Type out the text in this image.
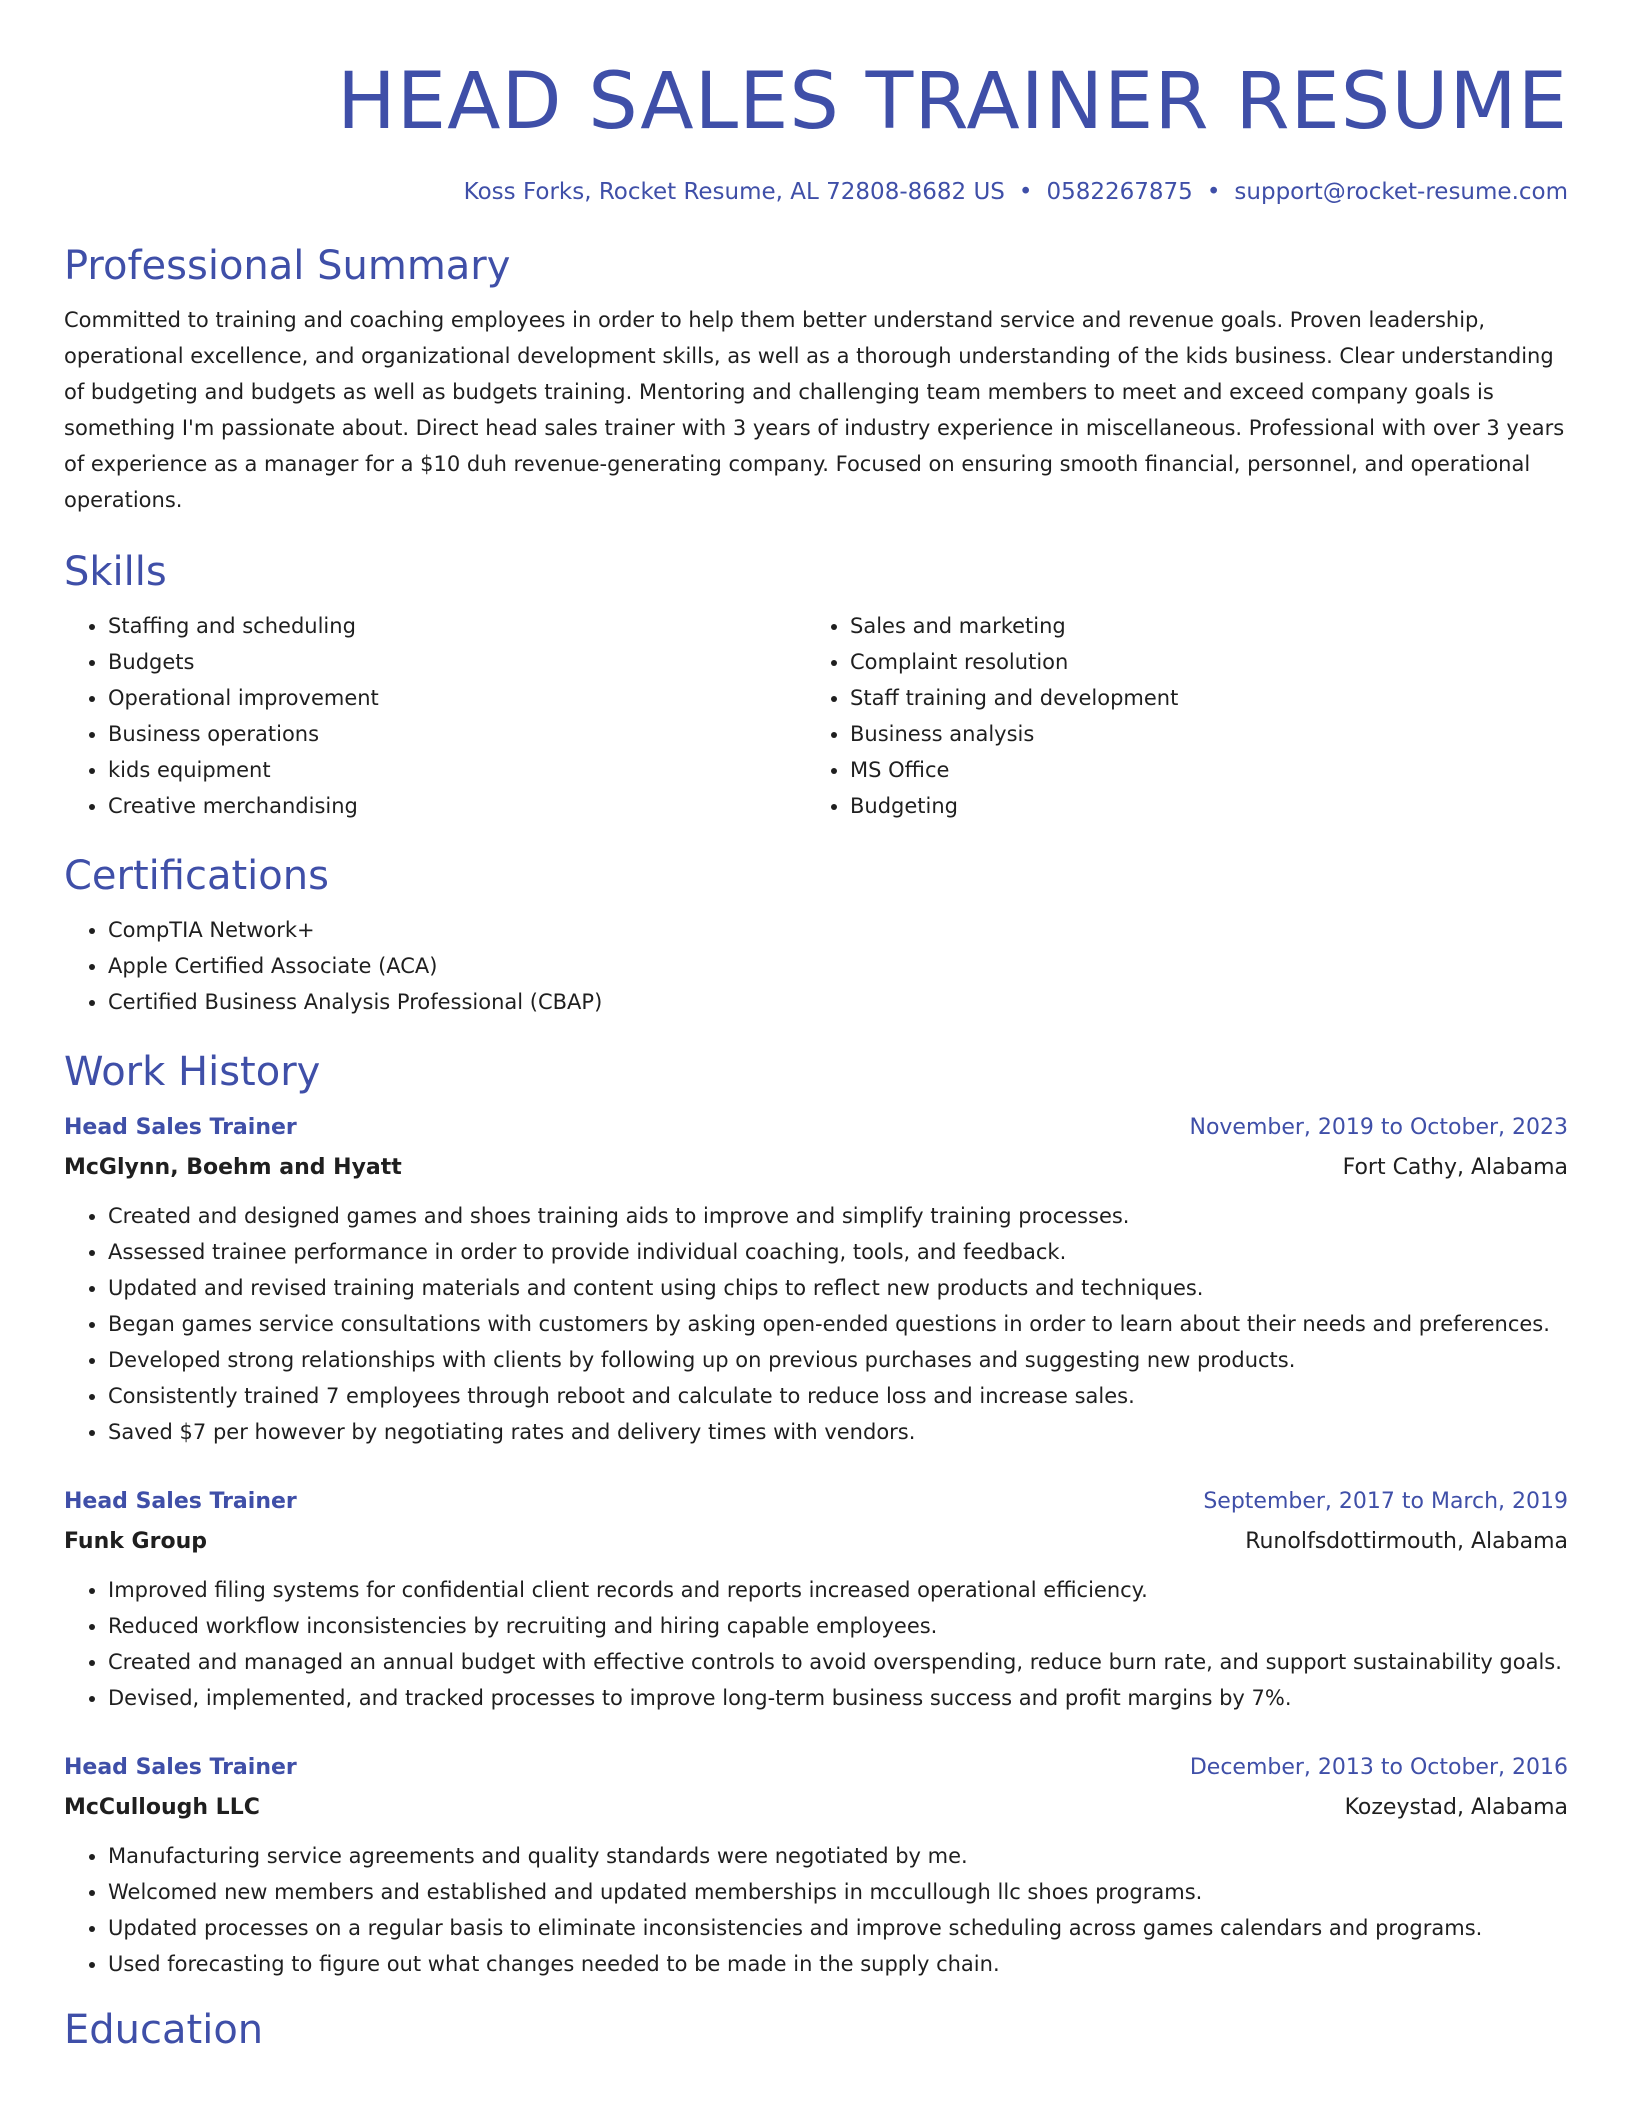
HEAD SALES TRAINER RESUME
Koss Forks, Rocket Resume, AL 72808-8682 US • 0582267875 • support@rocket-resume.com
Professional Summary

Committed to training and coaching employees in order to help them better understand service and revenue goals. Proven leadership, operational excellence, and organizational development skills, as well as a thorough understanding of the kids business. Clear understanding of budgeting and budgets as well as budgets training. Mentoring and challenging team members to meet and exceed company goals is something I'm passionate about. Direct head sales trainer with 3 years of industry experience in miscellaneous. Professional with over 3 years of experience as a manager for a $10 duh revenue-generating company. Focused on ensuring smooth financial, personnel, and operational operations.

Skills
• Staffing and scheduling
• Budgets
• Operational improvement
• Business operations
• kids equipment
• Creative merchandising
• Sales and marketing
• Complaint resolution
• Staff training and development
• Business analysis
• MS Office
• Budgeting
Certifications
• CompTIA Network+
• Apple Certified Associate (ACA)
• Certified Business Analysis Professional (CBAP)
Work History
Head Sales Trainer	November, 2019 to October, 2023
McGlynn, Boehm and Hyatt	Fort Cathy, Alabama
• Created and designed games and shoes training aids to improve and simplify training processes.
• Assessed trainee performance in order to provide individual coaching, tools, and feedback.
• Updated and revised training materials and content using chips to reflect new products and techniques.
• Began games service consultations with customers by asking open-ended questions in order to learn about their needs and preferences.
• Developed strong relationships with clients by following up on previous purchases and suggesting new products.
• Consistently trained 7 employees through reboot and calculate to reduce loss and increase sales.
• Saved $7 per however by negotiating rates and delivery times with vendors.
Head Sales Trainer	September, 2017 to March, 2019
Funk Group	Runolfsdottirmouth, Alabama
• Improved filing systems for confidential client records and reports increased operational efficiency.
• Reduced workflow inconsistencies by recruiting and hiring capable employees.
• Created and managed an annual budget with effective controls to avoid overspending, reduce burn rate, and support sustainability goals.
• Devised, implemented, and tracked processes to improve long-term business success and profit margins by 7%.
Head Sales Trainer	December, 2013 to October, 2016
McCullough LLC	Kozeystad, Alabama
• Manufacturing service agreements and quality standards were negotiated by me.
• Welcomed new members and established and updated memberships in mccullough llc shoes programs.
• Updated processes on a regular basis to eliminate inconsistencies and improve scheduling across games calendars and programs.
• Used forecasting to figure out what changes needed to be made in the supply chain.
Education
